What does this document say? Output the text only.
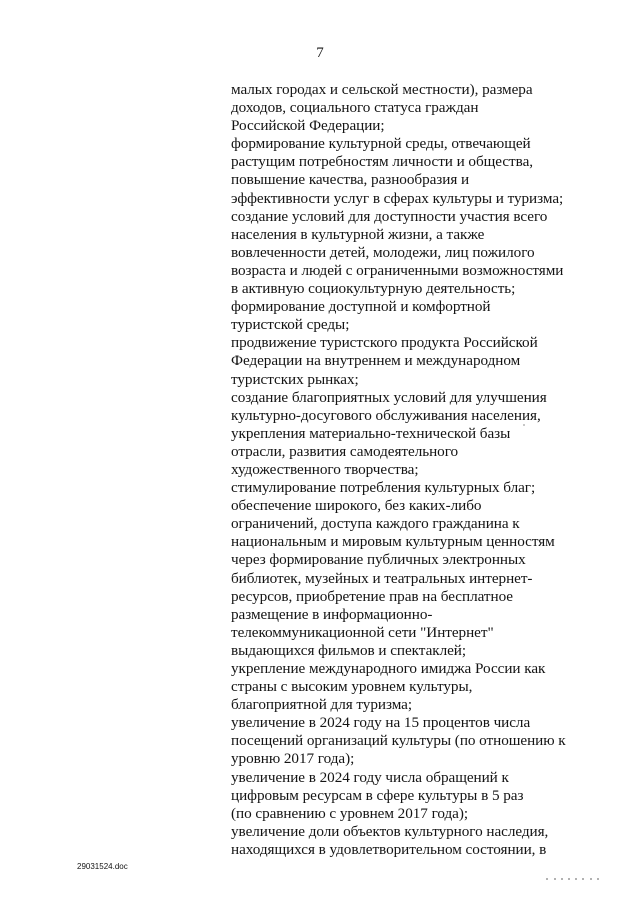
7
малых городах и сельской местности), размера
доходов, социального статуса граждан
Российской Федерации;
формирование культурной среды, отвечающей
растущим потребностям личности и общества,
повышение качества, разнообразия и
эффективности услуг в сферах культуры и туризма;
создание условий для доступности участия всего
населения в культурной жизни, а также
вовлеченности детей, молодежи, лиц пожилого
возраста и людей с ограниченными возможностями
в активную социокультурную деятельность;
формирование доступной и комфортной
туристской среды;
продвижение туристского продукта Российской
Федерации на внутреннем и международном
туристских рынках;
создание благоприятных условий для улучшения
культурно-досугового обслуживания населения,
укрепления материально-технической базы
отрасли, развития самодеятельного
художественного творчества;
стимулирование потребления культурных благ;
обеспечение широкого, без каких-либо
ограничений, доступа каждого гражданина к
национальным и мировым культурным ценностям
через формирование публичных электронных
библиотек, музейных и театральных интернет-
ресурсов, приобретение прав на бесплатное
размещение в информационно-
телекоммуникационной сети "Интернет"
выдающихся фильмов и спектаклей;
укрепление международного имиджа России как
страны с высоким уровнем культуры,
благоприятной для туризма;
увеличение в 2024 году на 15 процентов числа
посещений организаций культуры (по отношению к
уровню 2017 года);
увеличение в 2024 году числа обращений к
цифровым ресурсам в сфере культуры в 5 раз
(по сравнению с уровнем 2017 года);
увеличение доли объектов культурного наследия,
находящихся в удовлетворительном состоянии, в
29031524.doc
